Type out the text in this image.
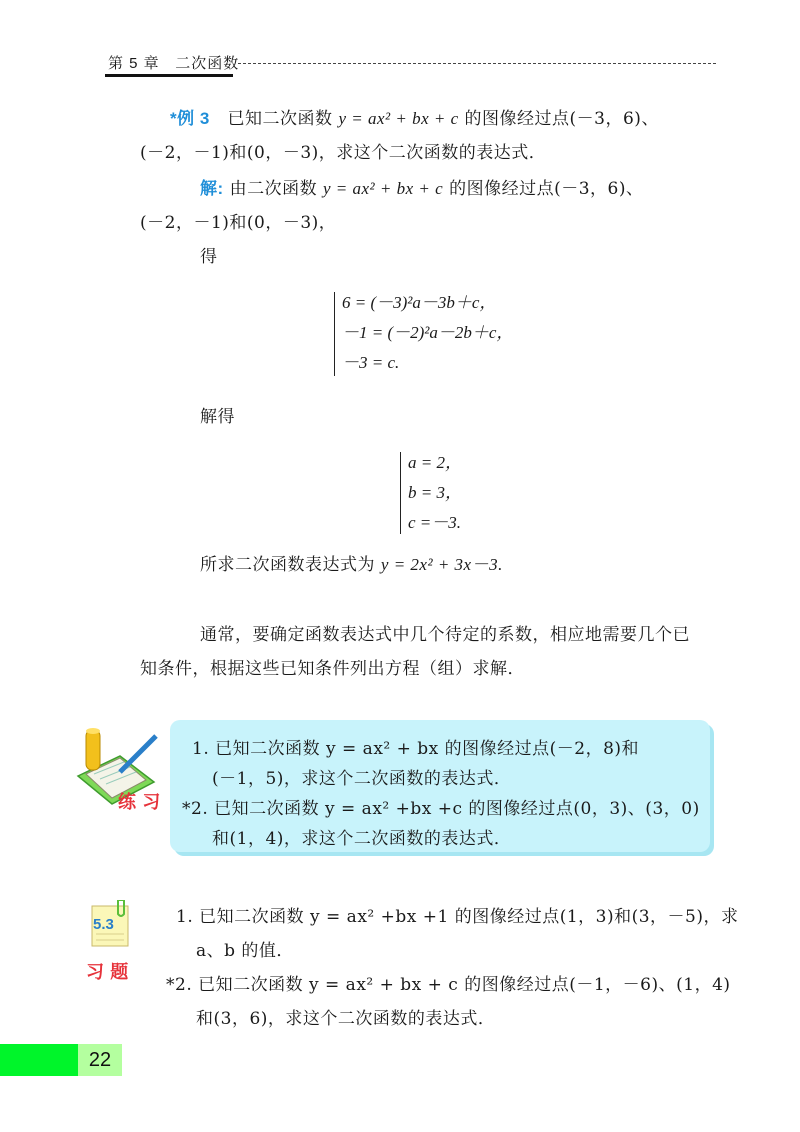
第 5 章 二次函数
*例 3 已知二次函数 y = ax² + bx + c 的图像经过点(－3，6)、
(－2，－1)和(0，－3)，求这个二次函数的表达式．
解: 由二次函数 y = ax² + bx + c 的图像经过点(－3，6)、
(－2，－1)和(0，－3)，
得
6 = (－3)²a－3b＋c，
－1 = (－2)²a－2b＋c，
－3 = c.
解得
a = 2，
b = 3，
c =－3.
所求二次函数表达式为 y = 2x² + 3x－3.
通常，要确定函数表达式中几个待定的系数，相应地需要几个已
知条件，根据这些已知条件列出方程（组）求解．
练 习
1. 已知二次函数 y = ax² + bx 的图像经过点(－2，8)和
(－1，5)，求这个二次函数的表达式．
*2. 已知二次函数 y = ax² +bx +c 的图像经过点(0，3)、(3，0)
和(1，4)，求这个二次函数的表达式．
5.3
习 题
1. 已知二次函数 y = ax² +bx +1 的图像经过点(1，3)和(3，－5)，求
a、b 的值．
*2. 已知二次函数 y = ax² + bx + c 的图像经过点(－1，－6)、(1，4)
和(3，6)，求这个二次函数的表达式．
22
